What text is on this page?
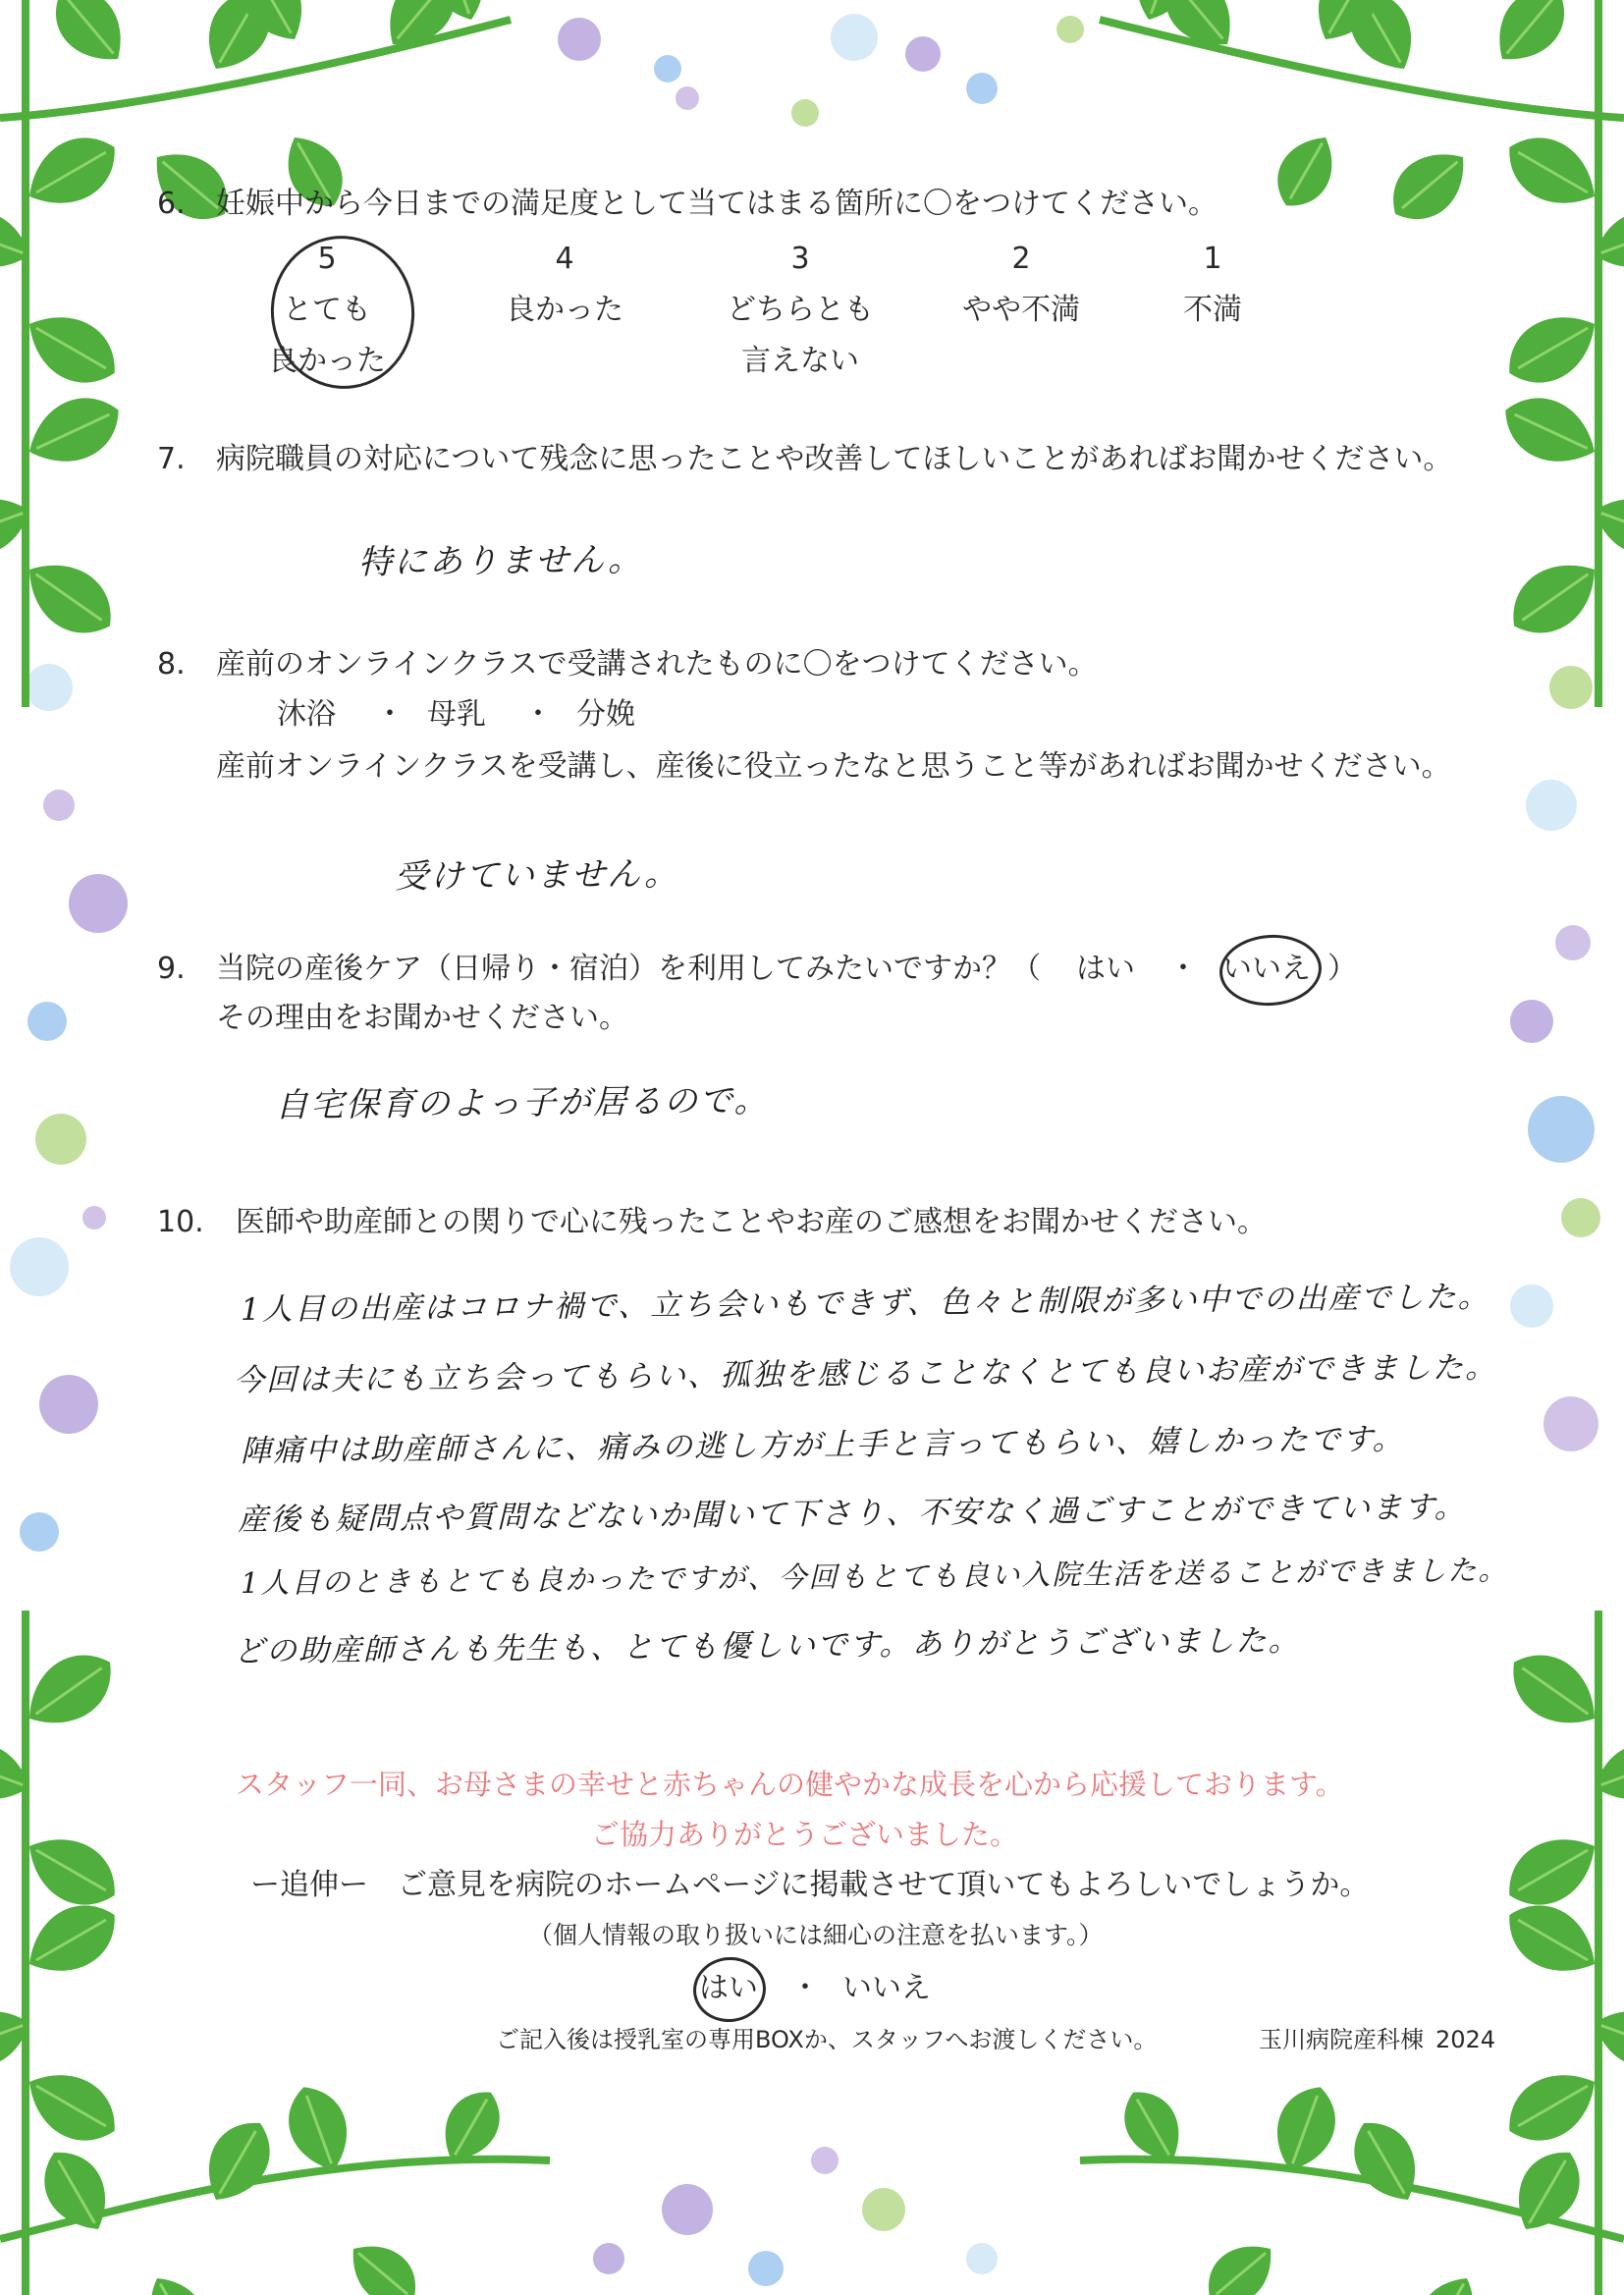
6. 妊娠中から今日までの満足度として当てはまる箇所に〇をつけてください。
5
とても
良かった
4
良かった
3
どちらとも
言えない
2
やや不満
1
不満
7. 病院職員の対応について残念に思ったことや改善してほしいことがあればお聞かせください。
特にありません。
8. 産前のオンラインクラスで受講されたものに〇をつけてください。
沐浴 ・ 母乳 ・ 分娩
産前オンラインクラスを受講し、産後に役立ったなと思うこと等があればお聞かせください。
受けていません。
9. 当院の産後ケア（日帰り・宿泊）を利用してみたいですか？（ はい ・ いいえ ）
その理由をお聞かせください。
自宅保育のよっ子が居るので。
10. 医師や助産師との関りで心に残ったことやお産のご感想をお聞かせください。
1人目の出産はコロナ禍で、立ち会いもできず、色々と制限が多い中での出産でした。
今回は夫にも立ち会ってもらい、孤独を感じることなくとても良いお産ができました。
陣痛中は助産師さんに、痛みの逃し方が上手と言ってもらい、嬉しかったです。
産後も疑問点や質問などないか聞いて下さり、不安なく過ごすことができています。
1人目のときもとても良かったですが、今回もとても良い入院生活を送ることができました。
どの助産師さんも先生も、とても優しいです。ありがとうございました。
スタッフ一同、お母さまの幸せと赤ちゃんの健やかな成長を心から応援しております。
ご協力ありがとうございました。
ー追伸ー ご意見を病院のホームページに掲載させて頂いてもよろしいでしょうか。
（個人情報の取り扱いには細心の注意を払います。）
はい ・ いいえ
ご記入後は授乳室の専用BOXか、スタッフへお渡しください。	玉川病院産科棟 2024
